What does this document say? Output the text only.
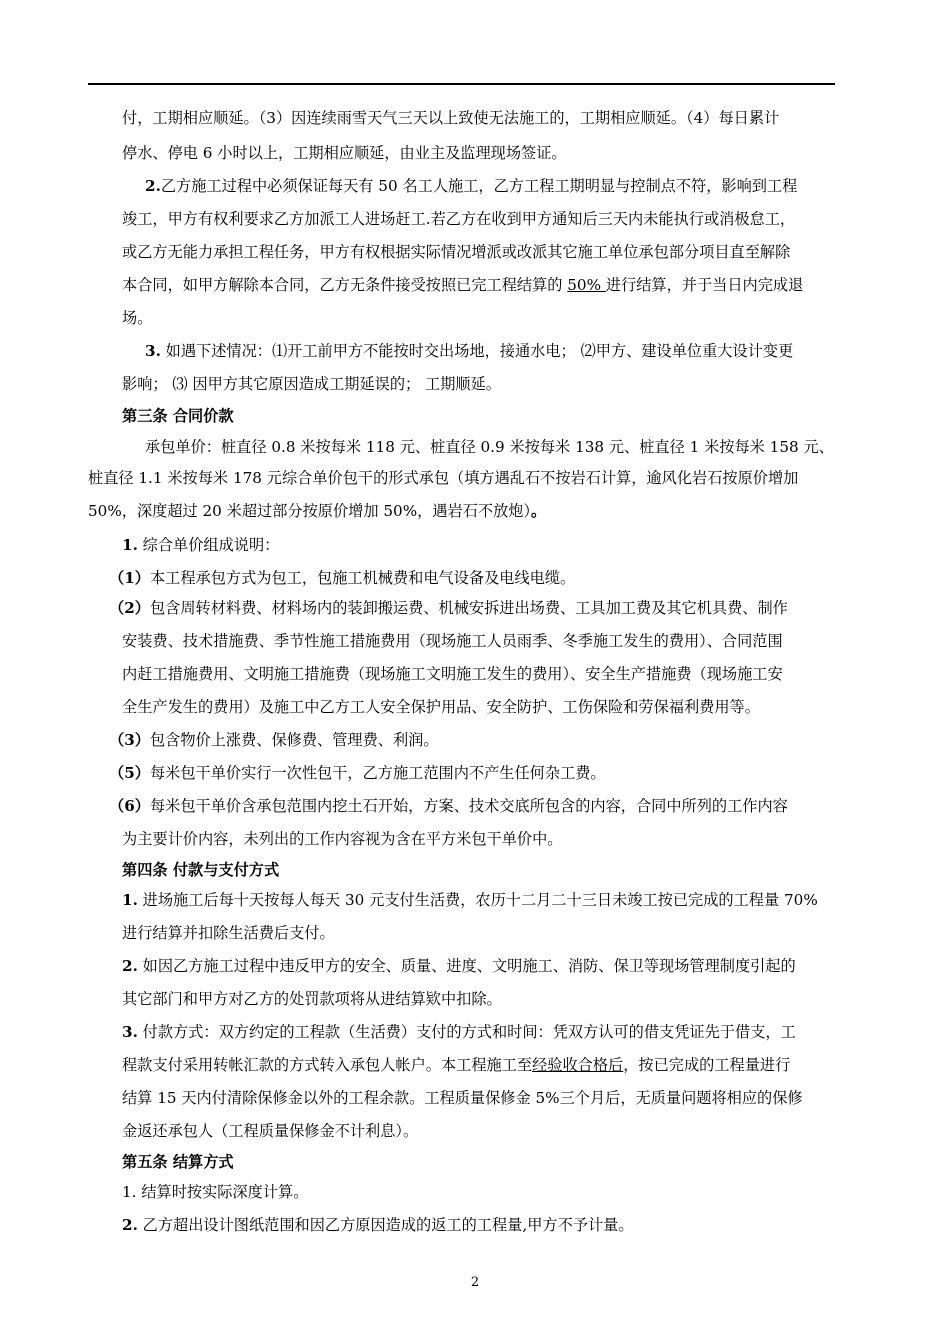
付，工期相应顺延。（3）因连续雨雪天气三天以上致使无法施工的，工期相应顺延。（4）每日累计
停水、停电 6 小时以上，工期相应顺延，由业主及监理现场签证。
2.乙方施工过程中必须保证每天有 50 名工人施工，乙方工程工期明显与控制点不符，影响到工程
竣工，甲方有权利要求乙方加派工人进场赶工.若乙方在收到甲方通知后三天内未能执行或消极怠工，
或乙方无能力承担工程任务，甲方有权根据实际情况增派或改派其它施工单位承包部分项目直至解除
本合同，如甲方解除本合同，乙方无条件接受按照已完工程结算的 50% 进行结算，并于当日内完成退
场。
3. 如遇下述情况：⑴开工前甲方不能按时交出场地，接通水电； ⑵甲方、建设单位重大设计变更
影响； ⑶ 因甲方其它原因造成工期延误的； 工期顺延。
第三条 合同价款
承包单价：桩直径 0.8 米按每米 118 元、桩直径 0.9 米按每米 138 元、桩直径 1 米按每米 158 元、
桩直径 1.1 米按每米 178 元综合单价包干的形式承包（填方遇乱石不按岩石计算，逾风化岩石按原价增加
50%，深度超过 20 米超过部分按原价增加 50%，遇岩石不放炮）。
1. 综合单价组成说明：
（1）本工程承包方式为包工，包施工机械费和电气设备及电线电缆。
（2）包含周转材料费、材料场内的装卸搬运费、机械安拆进出场费、工具加工费及其它机具费、制作
安装费、技术措施费、季节性施工措施费用（现场施工人员雨季、冬季施工发生的费用）、合同范围
内赶工措施费用、文明施工措施费（现场施工文明施工发生的费用）、安全生产措施费（现场施工安
全生产发生的费用）及施工中乙方工人安全保护用品、安全防护、工伤保险和劳保福利费用等。
（3）包含物价上涨费、保修费、管理费、利润。
（5）每米包干单价实行一次性包干，乙方施工范围内不产生任何杂工费。
（6）每米包干单价含承包范围内挖土石开始，方案、技术交底所包含的内容，合同中所列的工作内容
为主要计价内容，未列出的工作内容视为含在平方米包干单价中。
第四条 付款与支付方式
1. 进场施工后每十天按每人每天 30 元支付生活费，农历十二月二十三日未竣工按已完成的工程量 70%
进行结算并扣除生活费后支付。
2. 如因乙方施工过程中违反甲方的安全、质量、进度、文明施工、消防、保卫等现场管理制度引起的
其它部门和甲方对乙方的处罚款项将从进结算欵中扣除。
3. 付款方式：双方约定的工程款（生活费）支付的方式和时间：凭双方认可的借支凭证先于借支，工
程款支付采用转帐汇款的方式转入承包人帐户。本工程施工至经验收合格后，按已完成的工程量进行
结算 15 天内付清除保修金以外的工程余款。工程质量保修金 5%三个月后，无质量问题将相应的保修
金返还承包人（工程质量保修金不计利息）。
第五条 结算方式
1. 结算时按实际深度计算。
2. 乙方超出设计图纸范围和因乙方原因造成的返工的工程量,甲方不予计量。
2
